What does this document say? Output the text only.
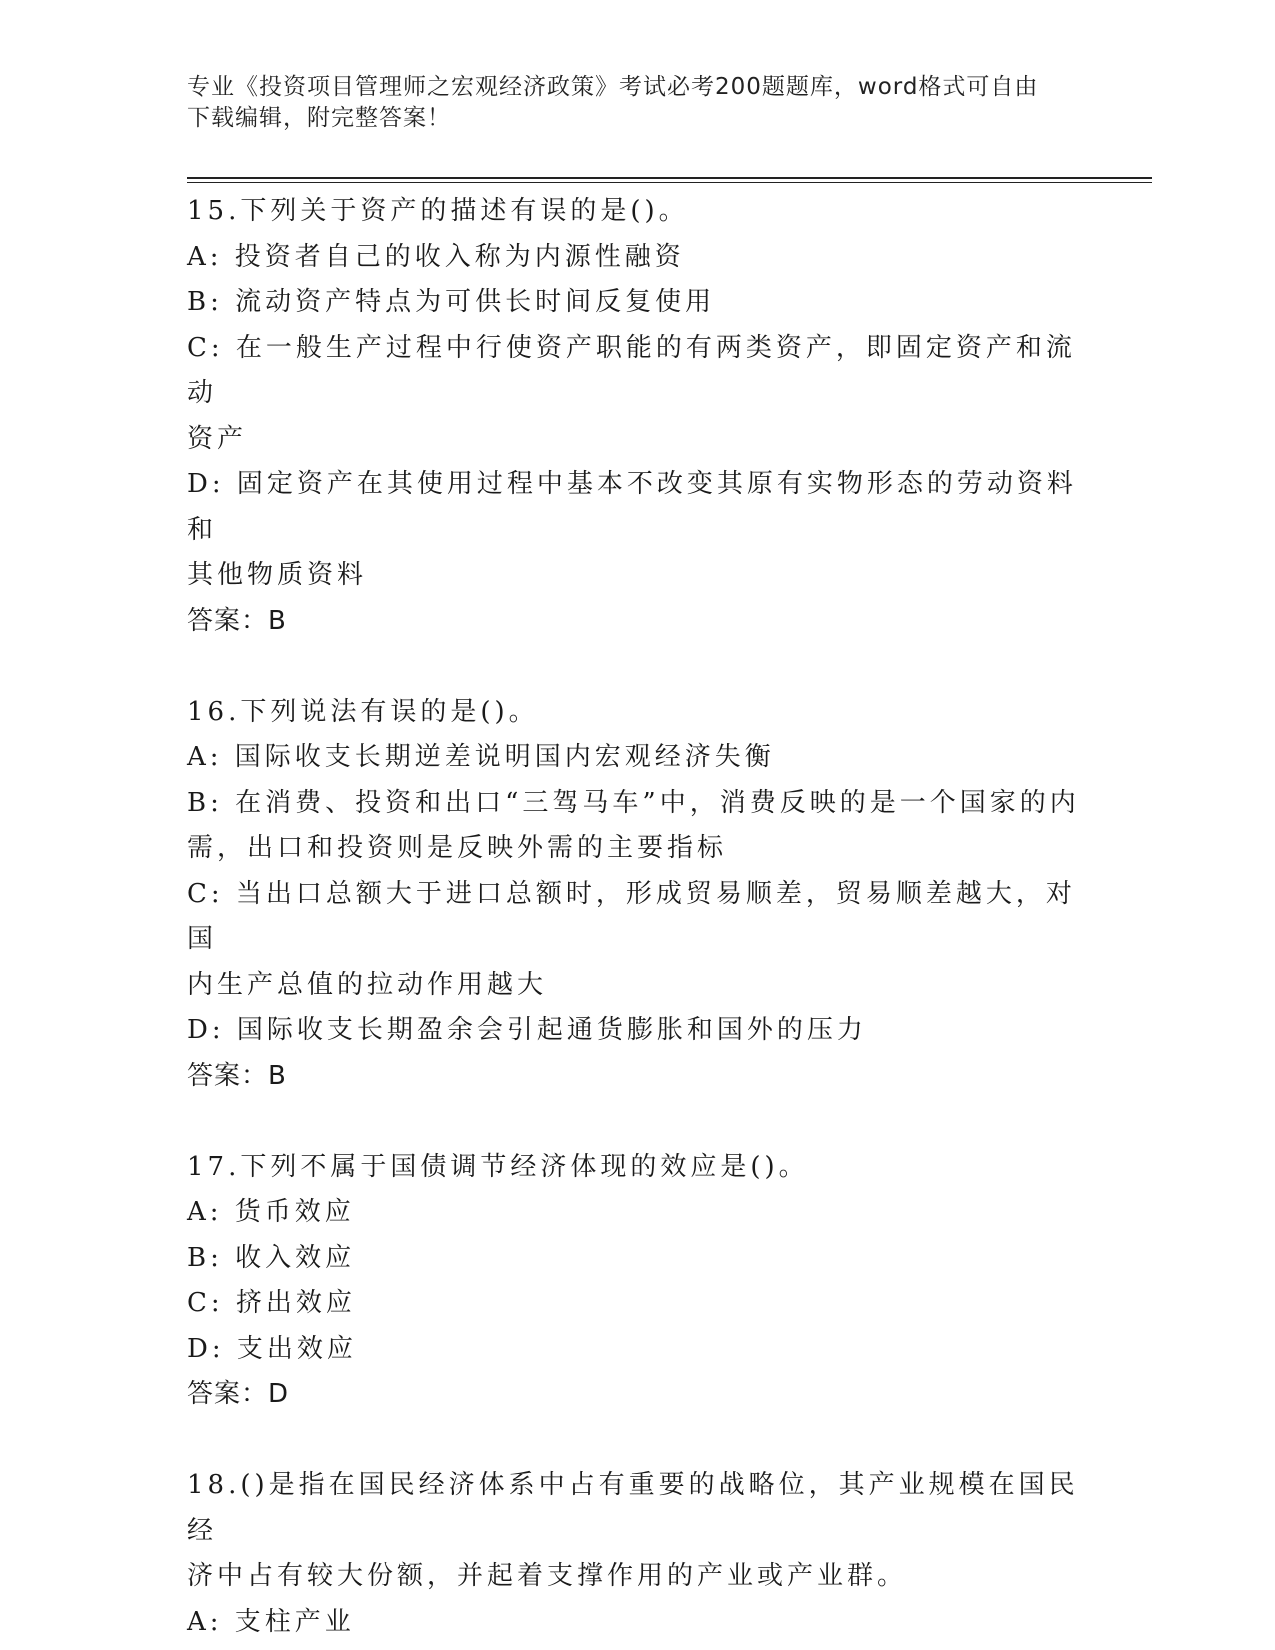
专业《投资项目管理师之宏观经济政策》考试必考200题题库，word格式可自由
下载编辑，附完整答案！

15.下列关于资产的描述有误的是()。

A: 投资者自己的收入称为内源性融资

B: 流动资产特点为可供长时间反复使用

C: 在一般生产过程中行使资产职能的有两类资产，即固定资产和流动

资产

D: 固定资产在其使用过程中基本不改变其原有实物形态的劳动资料和

其他物质资料

答案：B

16.下列说法有误的是()。

A: 国际收支长期逆差说明国内宏观经济失衡

B: 在消费、投资和出口“三驾马车”中，消费反映的是一个国家的内

需，出口和投资则是反映外需的主要指标

C: 当出口总额大于进口总额时，形成贸易顺差，贸易顺差越大，对国

内生产总值的拉动作用越大

D: 国际收支长期盈余会引起通货膨胀和国外的压力

答案：B

17.下列不属于国债调节经济体现的效应是()。

A: 货币效应

B: 收入效应

C: 挤出效应

D: 支出效应

答案：D

18.()是指在国民经济体系中占有重要的战略位，其产业规模在国民经

济中占有较大份额，并起着支撑作用的产业或产业群。

A: 支柱产业
